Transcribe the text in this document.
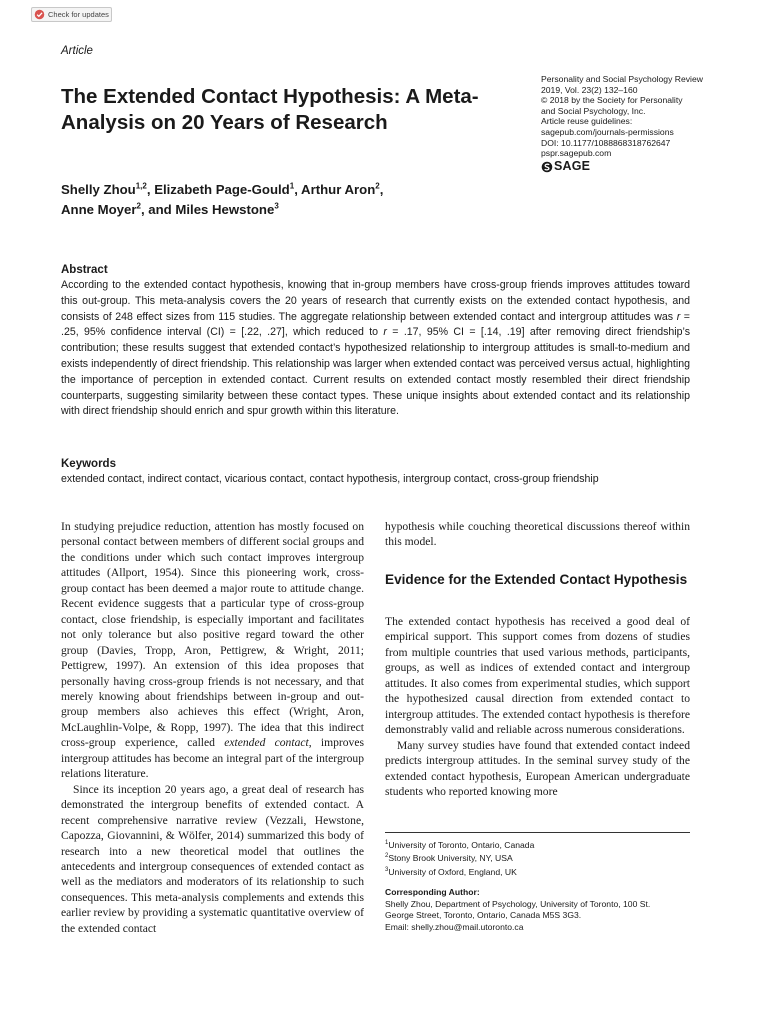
Check for updates
Article
The Extended Contact Hypothesis: A Meta-Analysis on 20 Years of Research
Personality and Social Psychology Review
2019, Vol. 23(2) 132–160
© 2018 by the Society for Personality
and Social Psychology, Inc.
Article reuse guidelines:
sagepub.com/journals-permissions
DOI: 10.1177/1088868318762647
pspr.sagepub.com
SAGE
Shelly Zhou$^{1,2}$, Elizabeth Page-Gould$^1$, Arthur Aron$^2$,
Anne Moyer$^2$, and Miles Hewstone$^3$
Abstract

According to the extended contact hypothesis, knowing that in-group members have cross-group friends improves attitudes toward this out-group. This meta-analysis covers the 20 years of research that currently exists on the extended contact hypothesis, and consists of 248 effect sizes from 115 studies. The aggregate relationship between extended contact and intergroup attitudes was r = .25, 95% confidence interval (CI) = [.22, .27], which reduced to r = .17, 95% CI = [.14, .19] after removing direct friendship’s contribution; these results suggest that extended contact’s hypothesized relationship to intergroup attitudes is small-to-medium and exists independently of direct friendship. This relationship was larger when extended contact was perceived versus actual, highlighting the importance of perception in extended contact. Current results on extended contact mostly resembled their direct friendship counterparts, suggesting similarity between these contact types. These unique insights about extended contact and its relationship with direct friendship should enrich and spur growth within this literature.

Keywords

extended contact, indirect contact, vicarious contact, contact hypothesis, intergroup contact, cross-group friendship

In studying prejudice reduction, attention has mostly focused on personal contact between members of different social groups and the conditions under which such contact improves intergroup attitudes (Allport, 1954). Since this pioneering work, cross-group contact has been deemed a major route to attitude change. Recent evidence suggests that a particular type of cross-group contact, close friendship, is especially important and facilitates not only tolerance but also positive regard toward the other group (Davies, Tropp, Aron, Pettigrew, & Wright, 2011; Pettigrew, 1997). An extension of this idea proposes that personally having cross-group friends is not necessary, and that merely knowing about friendships between in-group and out-group members also achieves this effect (Wright, Aron, McLaughlin-Volpe, & Ropp, 1997). The idea that this indirect cross-group experience, called extended contact, improves intergroup attitudes has become an integral part of the intergroup relations literature.

Since its inception 20 years ago, a great deal of research has demonstrated the intergroup benefits of extended contact. A recent comprehensive narrative review (Vezzali, Hewstone, Capozza, Giovannini, & Wölfer, 2014) summarized this body of research into a new theoretical model that outlines the antecedents and intergroup consequences of extended contact as well as the mediators and moderators of its relationship to such consequences. This meta-analysis complements and extends this earlier review by providing a systematic quantitative overview of the extended contact

hypothesis while couching theoretical discussions thereof within this model.

Evidence for the Extended Contact Hypothesis

The extended contact hypothesis has received a good deal of empirical support. This support comes from dozens of studies from multiple countries that used various methods, participants, groups, as well as indices of extended contact and intergroup attitudes. It also comes from experimental studies, which support the hypothesized causal direction from extended contact to intergroup attitudes. The extended contact hypothesis is therefore demonstrably valid and reliable across numerous considerations.

Many survey studies have found that extended contact indeed predicts intergroup attitudes. In the seminal survey study of the extended contact hypothesis, European American undergraduate students who reported knowing more

$^1$University of Toronto, Ontario, Canada
$^2$Stony Brook University, NY, USA
$^3$University of Oxford, England, UK
Corresponding Author:
Shelly Zhou, Department of Psychology, University of Toronto, 100 St.
George Street, Toronto, Ontario, Canada M5S 3G3.
Email: shelly.zhou@mail.utoronto.ca
